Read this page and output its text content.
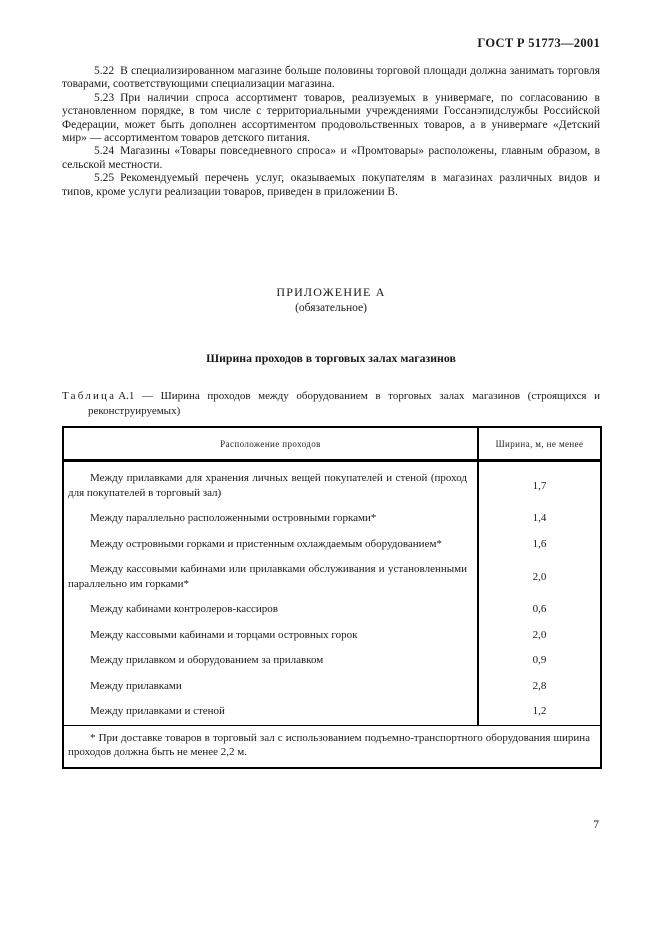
ГОСТ Р 51773—2001

5.22 В специализированном магазине больше половины торговой площади должна занимать торговля товарами, соответствующими специализации магазина.

5.23 При наличии спроса ассортимент товаров, реализуемых в универмаге, по согласованию в установленном порядке, в том числе с территориальными учреждениями Госсанэпидслужбы Российской Федерации, может быть дополнен ассортиментом продовольственных товаров, а в универмаге «Детский мир» — ассортиментом товаров детского питания.

5.24 Магазины «Товары повседневного спроса» и «Промтовары» расположены, главным образом, в сельской местности.

5.25 Рекомендуемый перечень услуг, оказываемых покупателям в магазинах различных видов и типов, кроме услуги реализации товаров, приведен в приложении В.

ПРИЛОЖЕНИЕ А
(обязательное)
Ширина проходов в торговых залах магазинов
Таблица А.1 — Ширина проходов между оборудованием в торговых залах магазинов (строящихся и реконструируемых)
Расположение проходов	Ширина, м, не менее
Между прилавками для хранения личных вещей покупателей и стеной (проход для покупателей в торговый зал)	1,7
Между параллельно расположенными островными горками*	1,4
Между островными горками и пристенным охлаждаемым оборудованием*	1,6
Между кассовыми кабинами или прилавками обслуживания и установленными параллельно им горками*	2,0
Между кабинами контролеров-кассиров	0,6
Между кассовыми кабинами и торцами островных горок	2,0
Между прилавком и оборудованием за прилавком	0,9
Между прилавками	2,8
Между прилавками и стеной	1,2
* При доставке товаров в торговый зал с использованием подъемно-транспортного оборудования ширина проходов должна быть не менее 2,2 м.	
7
